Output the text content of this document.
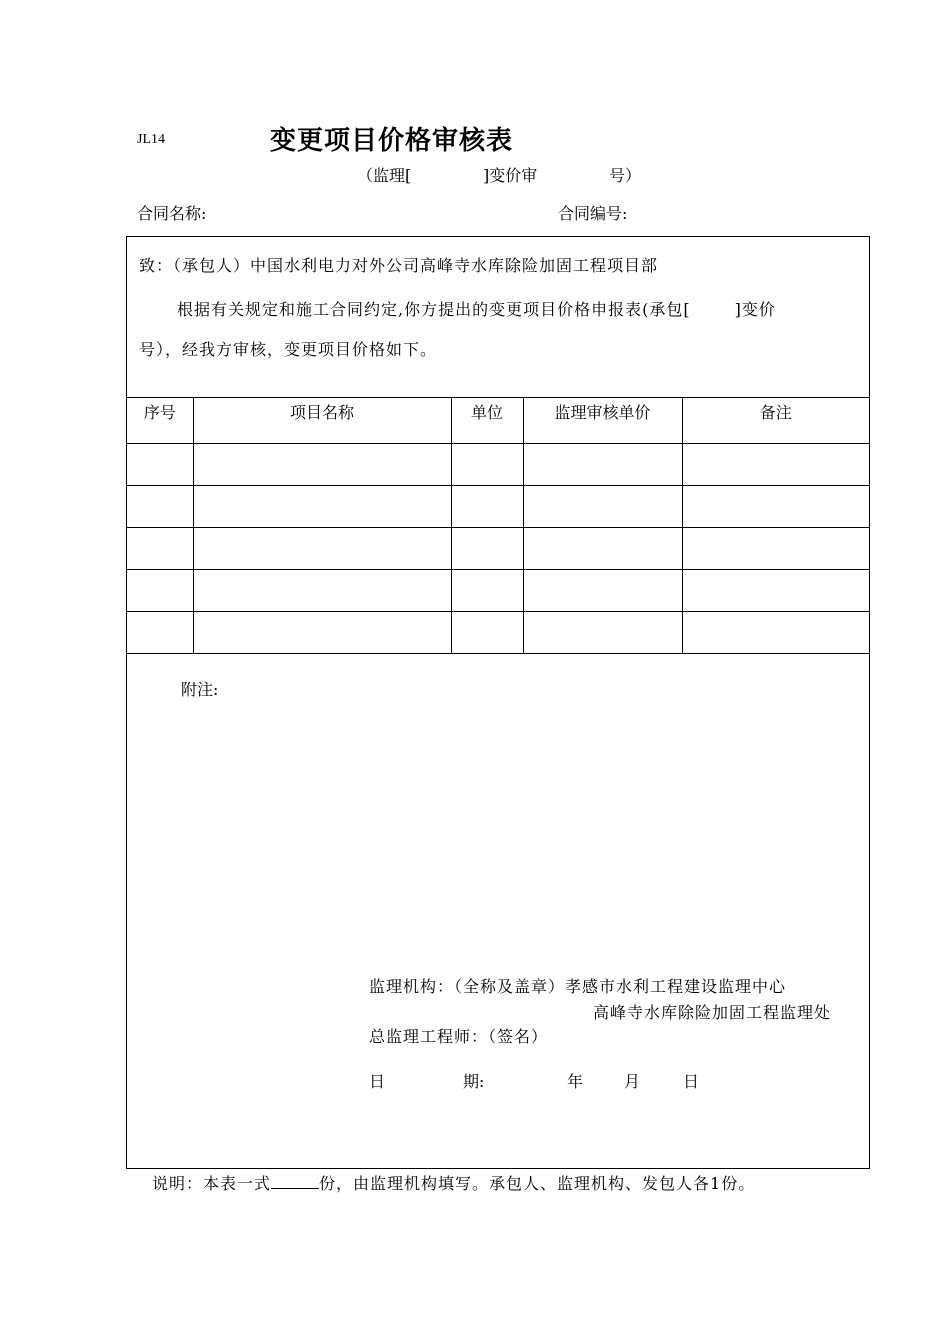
JL14	变更项目价格审核表
（监理[	]变价审	号）
合同名称:	合同编号:
致：（承包人）中国水利电力对外公司高峰寺水库除险加固工程项目部
根据有关规定和施工合同约定,你方提出的变更项目价格申报表(承包[	]变价
号），经我方审核，变更项目价格如下。
序号	项目名称	单位	监理审核单价	备注

附注:
监理机构：（全称及盖章）孝感市水利工程建设监理中心
高峰寺水库除险加固工程监理处
总监理工程师：（签名）
日	期:	年	月	日
说明：本表一式	份，由监理机构填写。承包人、监理机构、发包人各1份。
